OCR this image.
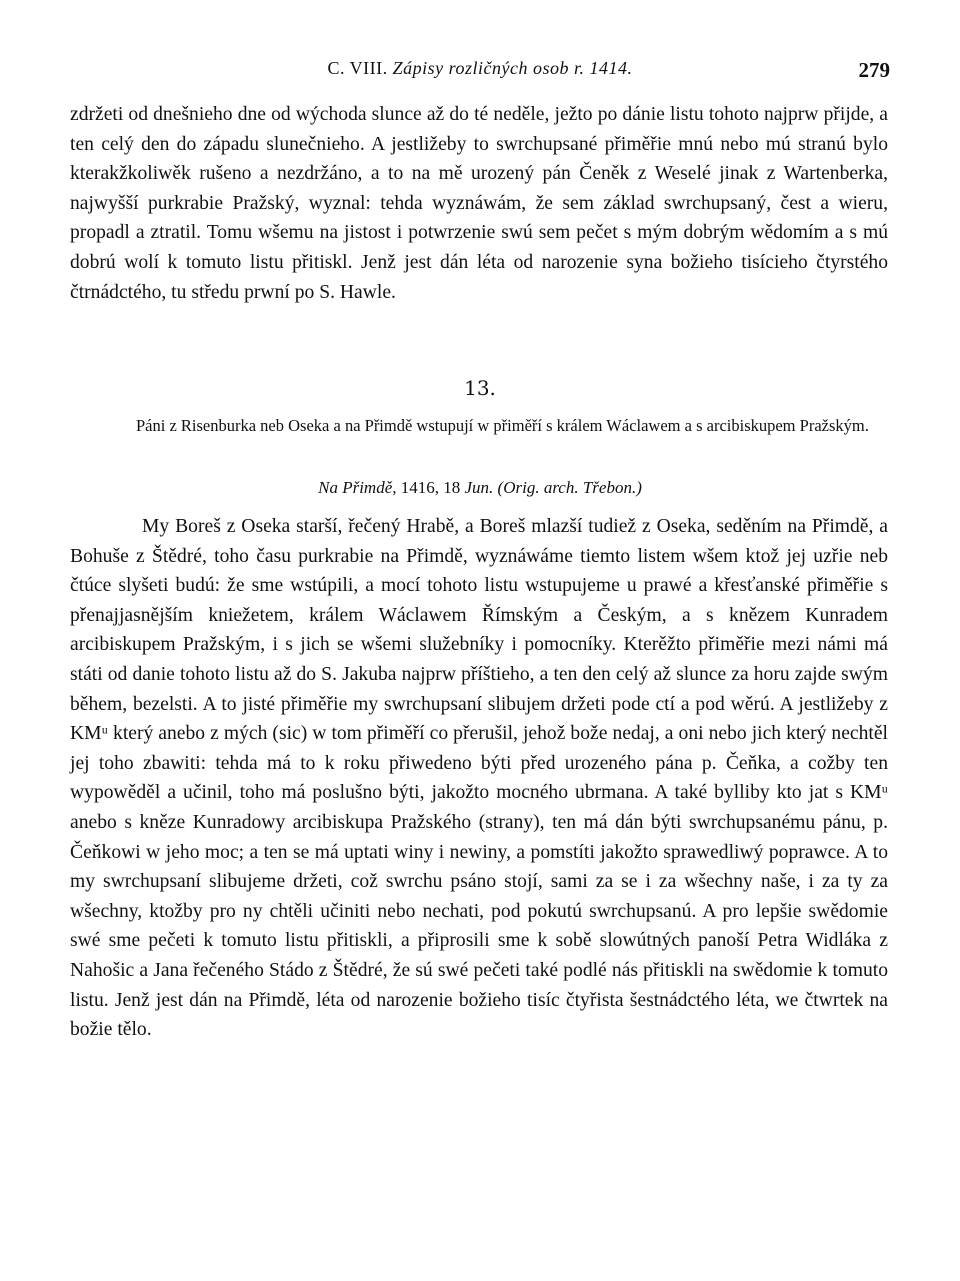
C. VIII. Zápisy rozličných osob r. 1414.	279

zdržeti od dnešnieho dne od wýchoda slunce až do té neděle, ježto po dánie listu tohoto najprw přijde, a ten celý den do západu slunečnieho. A jestližeby to swrchupsané přiměřie mnú nebo mú stranú bylo kterakžkoliwěk rušeno a nezdržáno, a to na mě urozený pán Čeněk z Weselé jinak z Wartenberka, najwyšší purkrabie Pražský, wyznal: tehda wyznáwám, že sem základ swrchupsaný, čest a wieru, propadl a ztratil. Tomu wšemu na jistost i potwrzenie swú sem pečet s mým dobrým wědomím a s mú dobrú wolí k tomuto listu přitiskl. Jenž jest dán léta od narozenie syna božieho tisícieho čtyrstého čtrnádctého, tu středu prwní po S. Hawle.

13.

Páni z Risenburka neb Oseka a na Přimdě wstupují w přiměří s králem Wáclawem a s arcibiskupem Pražským.

Na Přimdě, 1416, 18 Jun. (Orig. arch. Třebon.)

My Boreš z Oseka starší, řečený Hrabě, a Boreš mlazší tudiež z Oseka, seděním na Přimdě, a Bohuše z Štědré, toho času purkrabie na Přimdě, wyznáwáme tiemto listem wšem ktož jej uzřie neb čtúce slyšeti budú: že sme wstúpili, a mocí tohoto listu wstupujeme u prawé a křesťanské přiměřie s přenajjasnějším kniežetem, králem Wáclawem Římským a Českým, a s knězem Kunradem arcibiskupem Pražským, i s jich se wšemi služebníky i pomocníky. Kterěžto přiměřie mezi námi má státi od danie tohoto listu až do S. Jakuba najprw příštieho, a ten den celý až slunce za horu zajde swým během, bezelsti. A to jisté přiměřie my swrchupsaní slibujem držeti pode ctí a pod wěrú. A jestližeby z KMᵘ který anebo z mých (sic) w tom přiměří co přerušil, jehož bože nedaj, a oni nebo jich který nechtěl jej toho zbawiti: tehda má to k roku přiwedeno býti před urozeného pána p. Čeňka, a cožby ten wypowěděl a učinil, toho má poslušno býti, jakožto mocného ubrmana. A také bylliby kto jat s KMᵘ anebo s kněze Kunradowy arcibiskupa Pražského (strany), ten má dán býti swrchupsanému pánu, p. Čeňkowi w jeho moc; a ten se má uptati winy i newiny, a pomstíti jakožto sprawedliwý poprawce. A to my swrchupsaní slibujeme držeti, což swrchu psáno stojí, sami za se i za wšechny naše, i za ty za wšechny, ktožby pro ny chtěli učiniti nebo nechati, pod pokutú swrchupsanú. A pro lepšie swědomie swé sme pečeti k tomuto listu přitiskli, a připrosili sme k sobě slowútných panoší Petra Widláka z Nahošic a Jana řečeného Stádo z Štědré, že sú swé pečeti také podlé nás přitiskli na swědomie k tomuto listu. Jenž jest dán na Přimdě, léta od narozenie božieho tisíc čtyřista šestnádctého léta, we čtwrtek na božie tělo.
